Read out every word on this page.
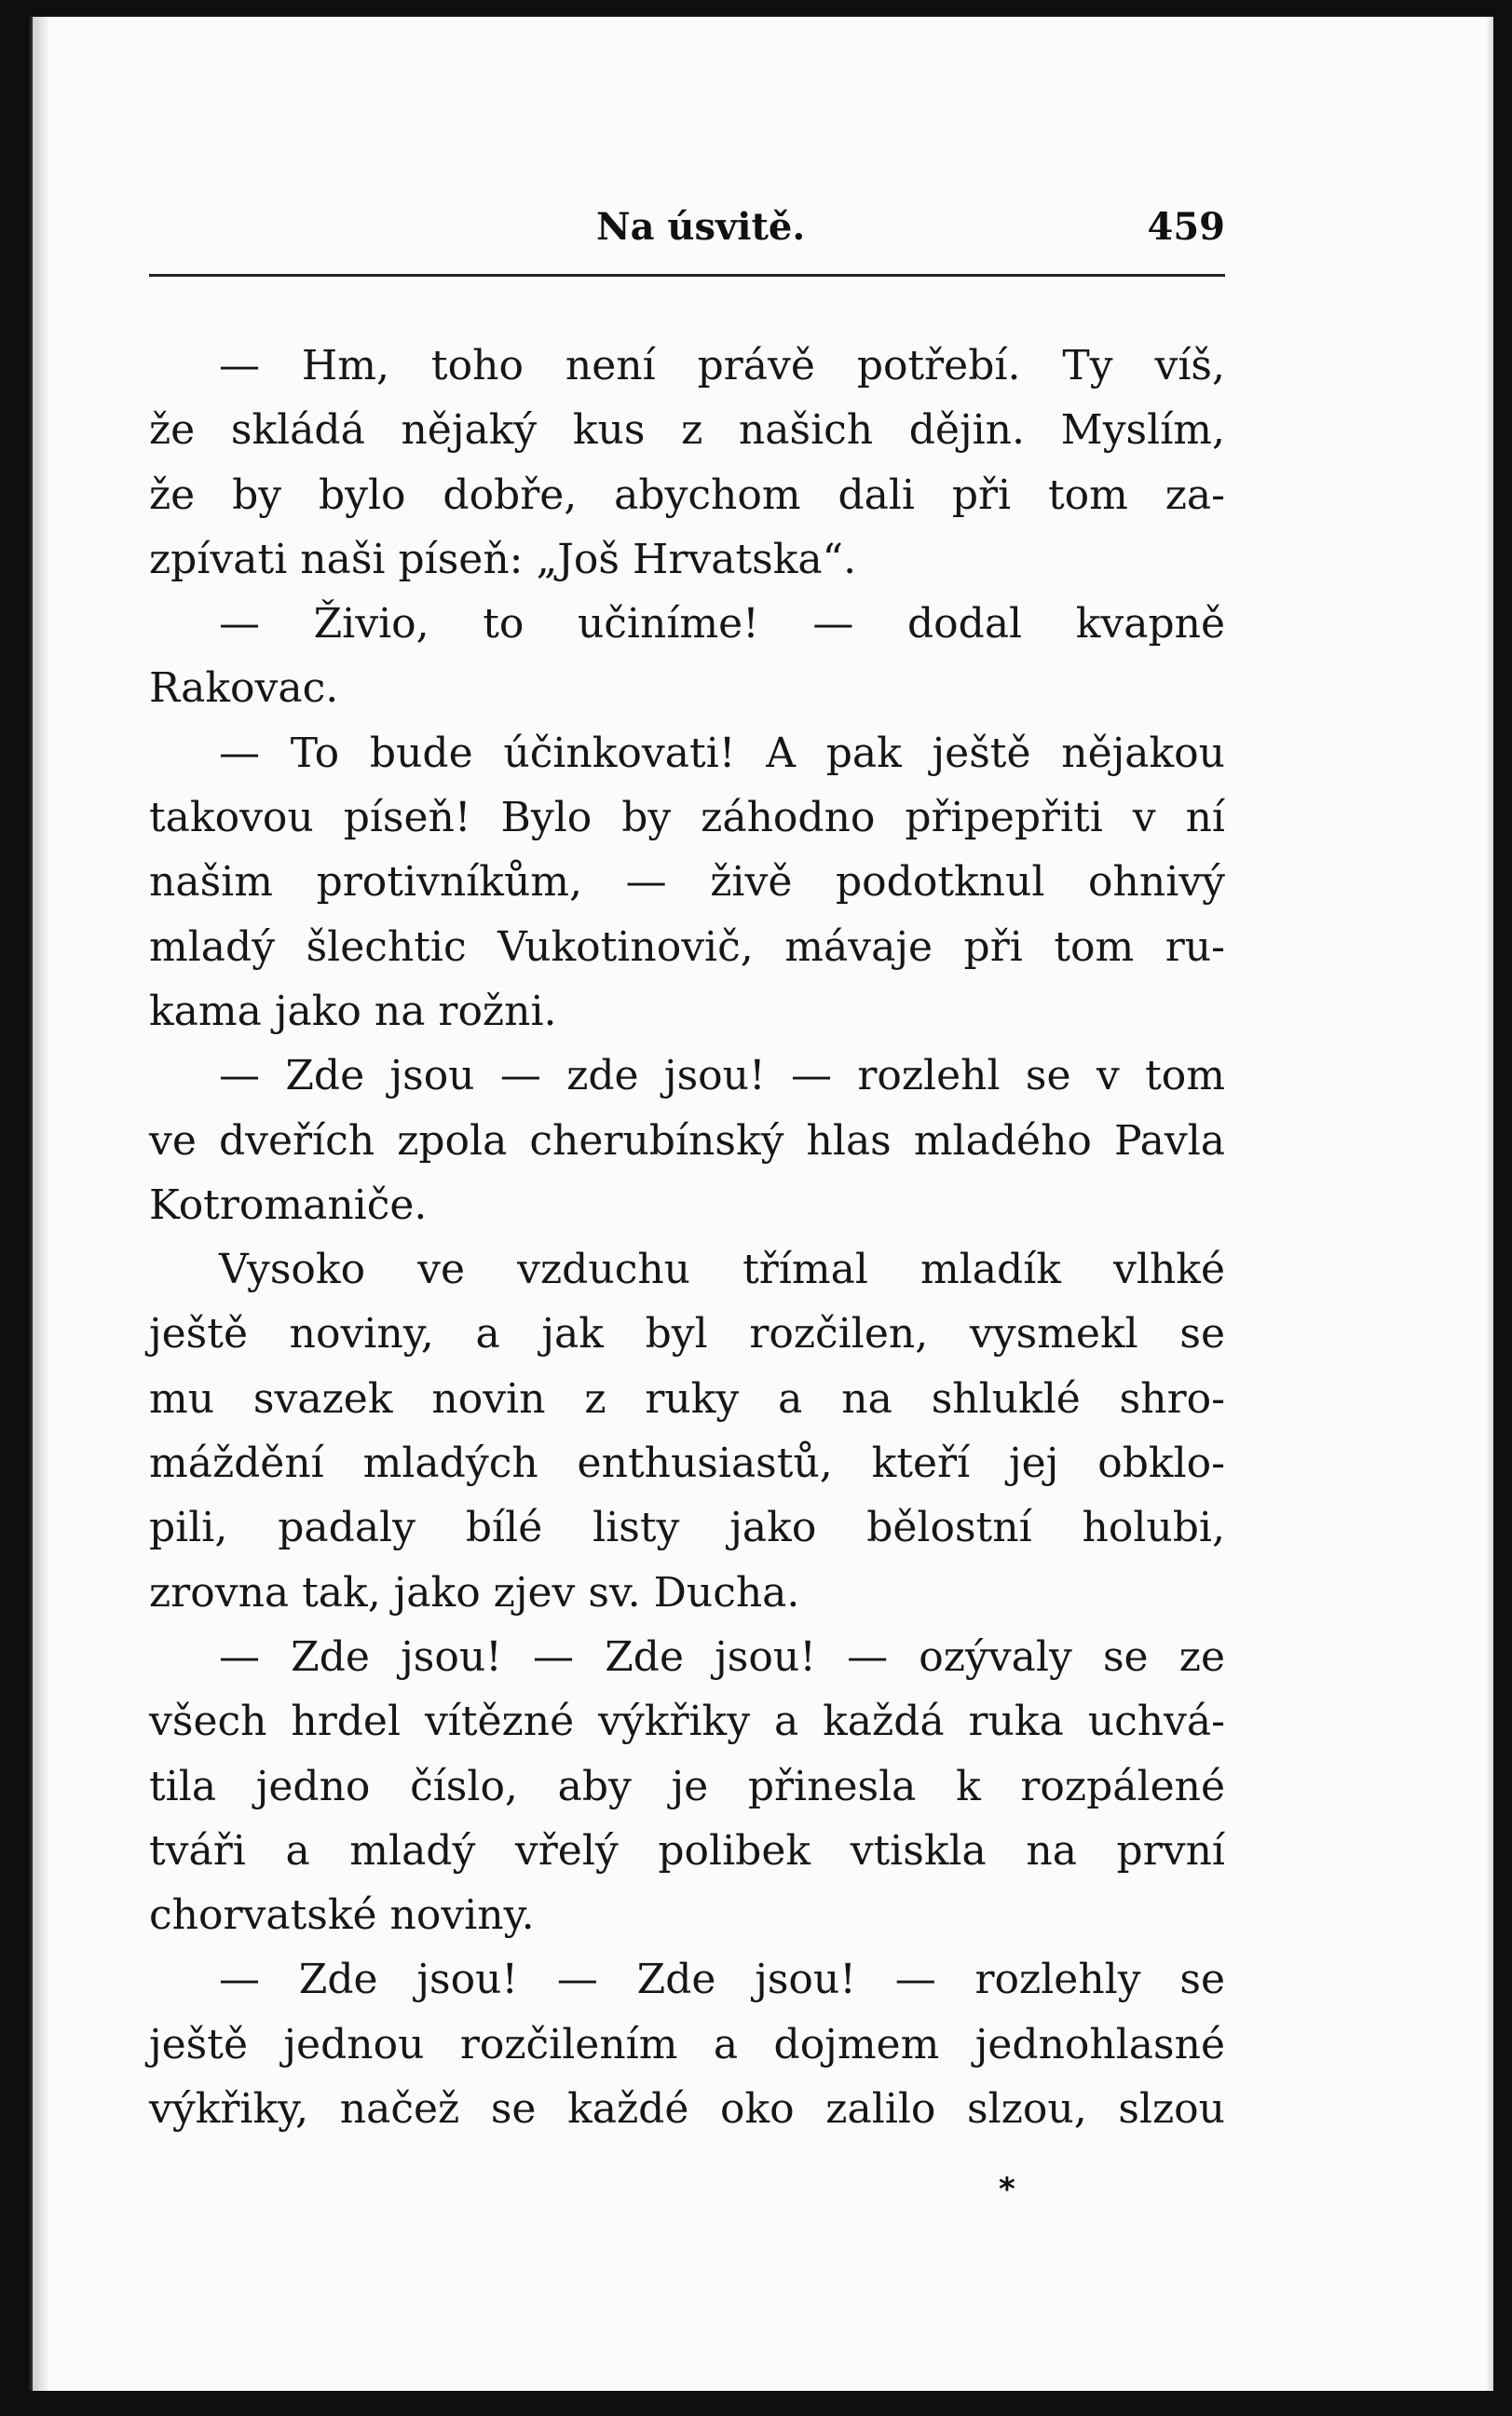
Na úsvitě.	459
— Hm, toho není právě potřebí. Ty víš,
že skládá nějaký kus z našich dějin. Myslím,
že by bylo dobře, abychom dali při tom za-
zpívati naši píseň: „Još Hrvatska“.
— Živio, to učiníme! — dodal kvapně
Rakovac.
— To bude účinkovati! A pak ještě nějakou
takovou píseň! Bylo by záhodno připepřiti v ní
našim protivníkům, — živě podotknul ohnivý
mladý šlechtic Vukotinovič, mávaje při tom ru-
kama jako na rožni.
— Zde jsou — zde jsou! — rozlehl se v tom
ve dveřích zpola cherubínský hlas mladého Pavla
Kotromaniče.
Vysoko ve vzduchu třímal mladík vlhké
ještě noviny, a jak byl rozčilen, vysmekl se
mu svazek novin z ruky a na shluklé shro-
máždění mladých enthusiastů, kteří jej obklo-
pili, padaly bílé listy jako bělostní holubi,
zrovna tak, jako zjev sv. Ducha.
— Zde jsou! — Zde jsou! — ozývaly se ze
všech hrdel vítězné výkřiky a každá ruka uchvá-
tila jedno číslo, aby je přinesla k rozpálené
tváři a mladý vřelý polibek vtiskla na první
chorvatské noviny.
— Zde jsou! — Zde jsou! — rozlehly se
ještě jednou rozčilením a dojmem jednohlasné
výkřiky, načež se každé oko zalilo slzou, slzou
*
